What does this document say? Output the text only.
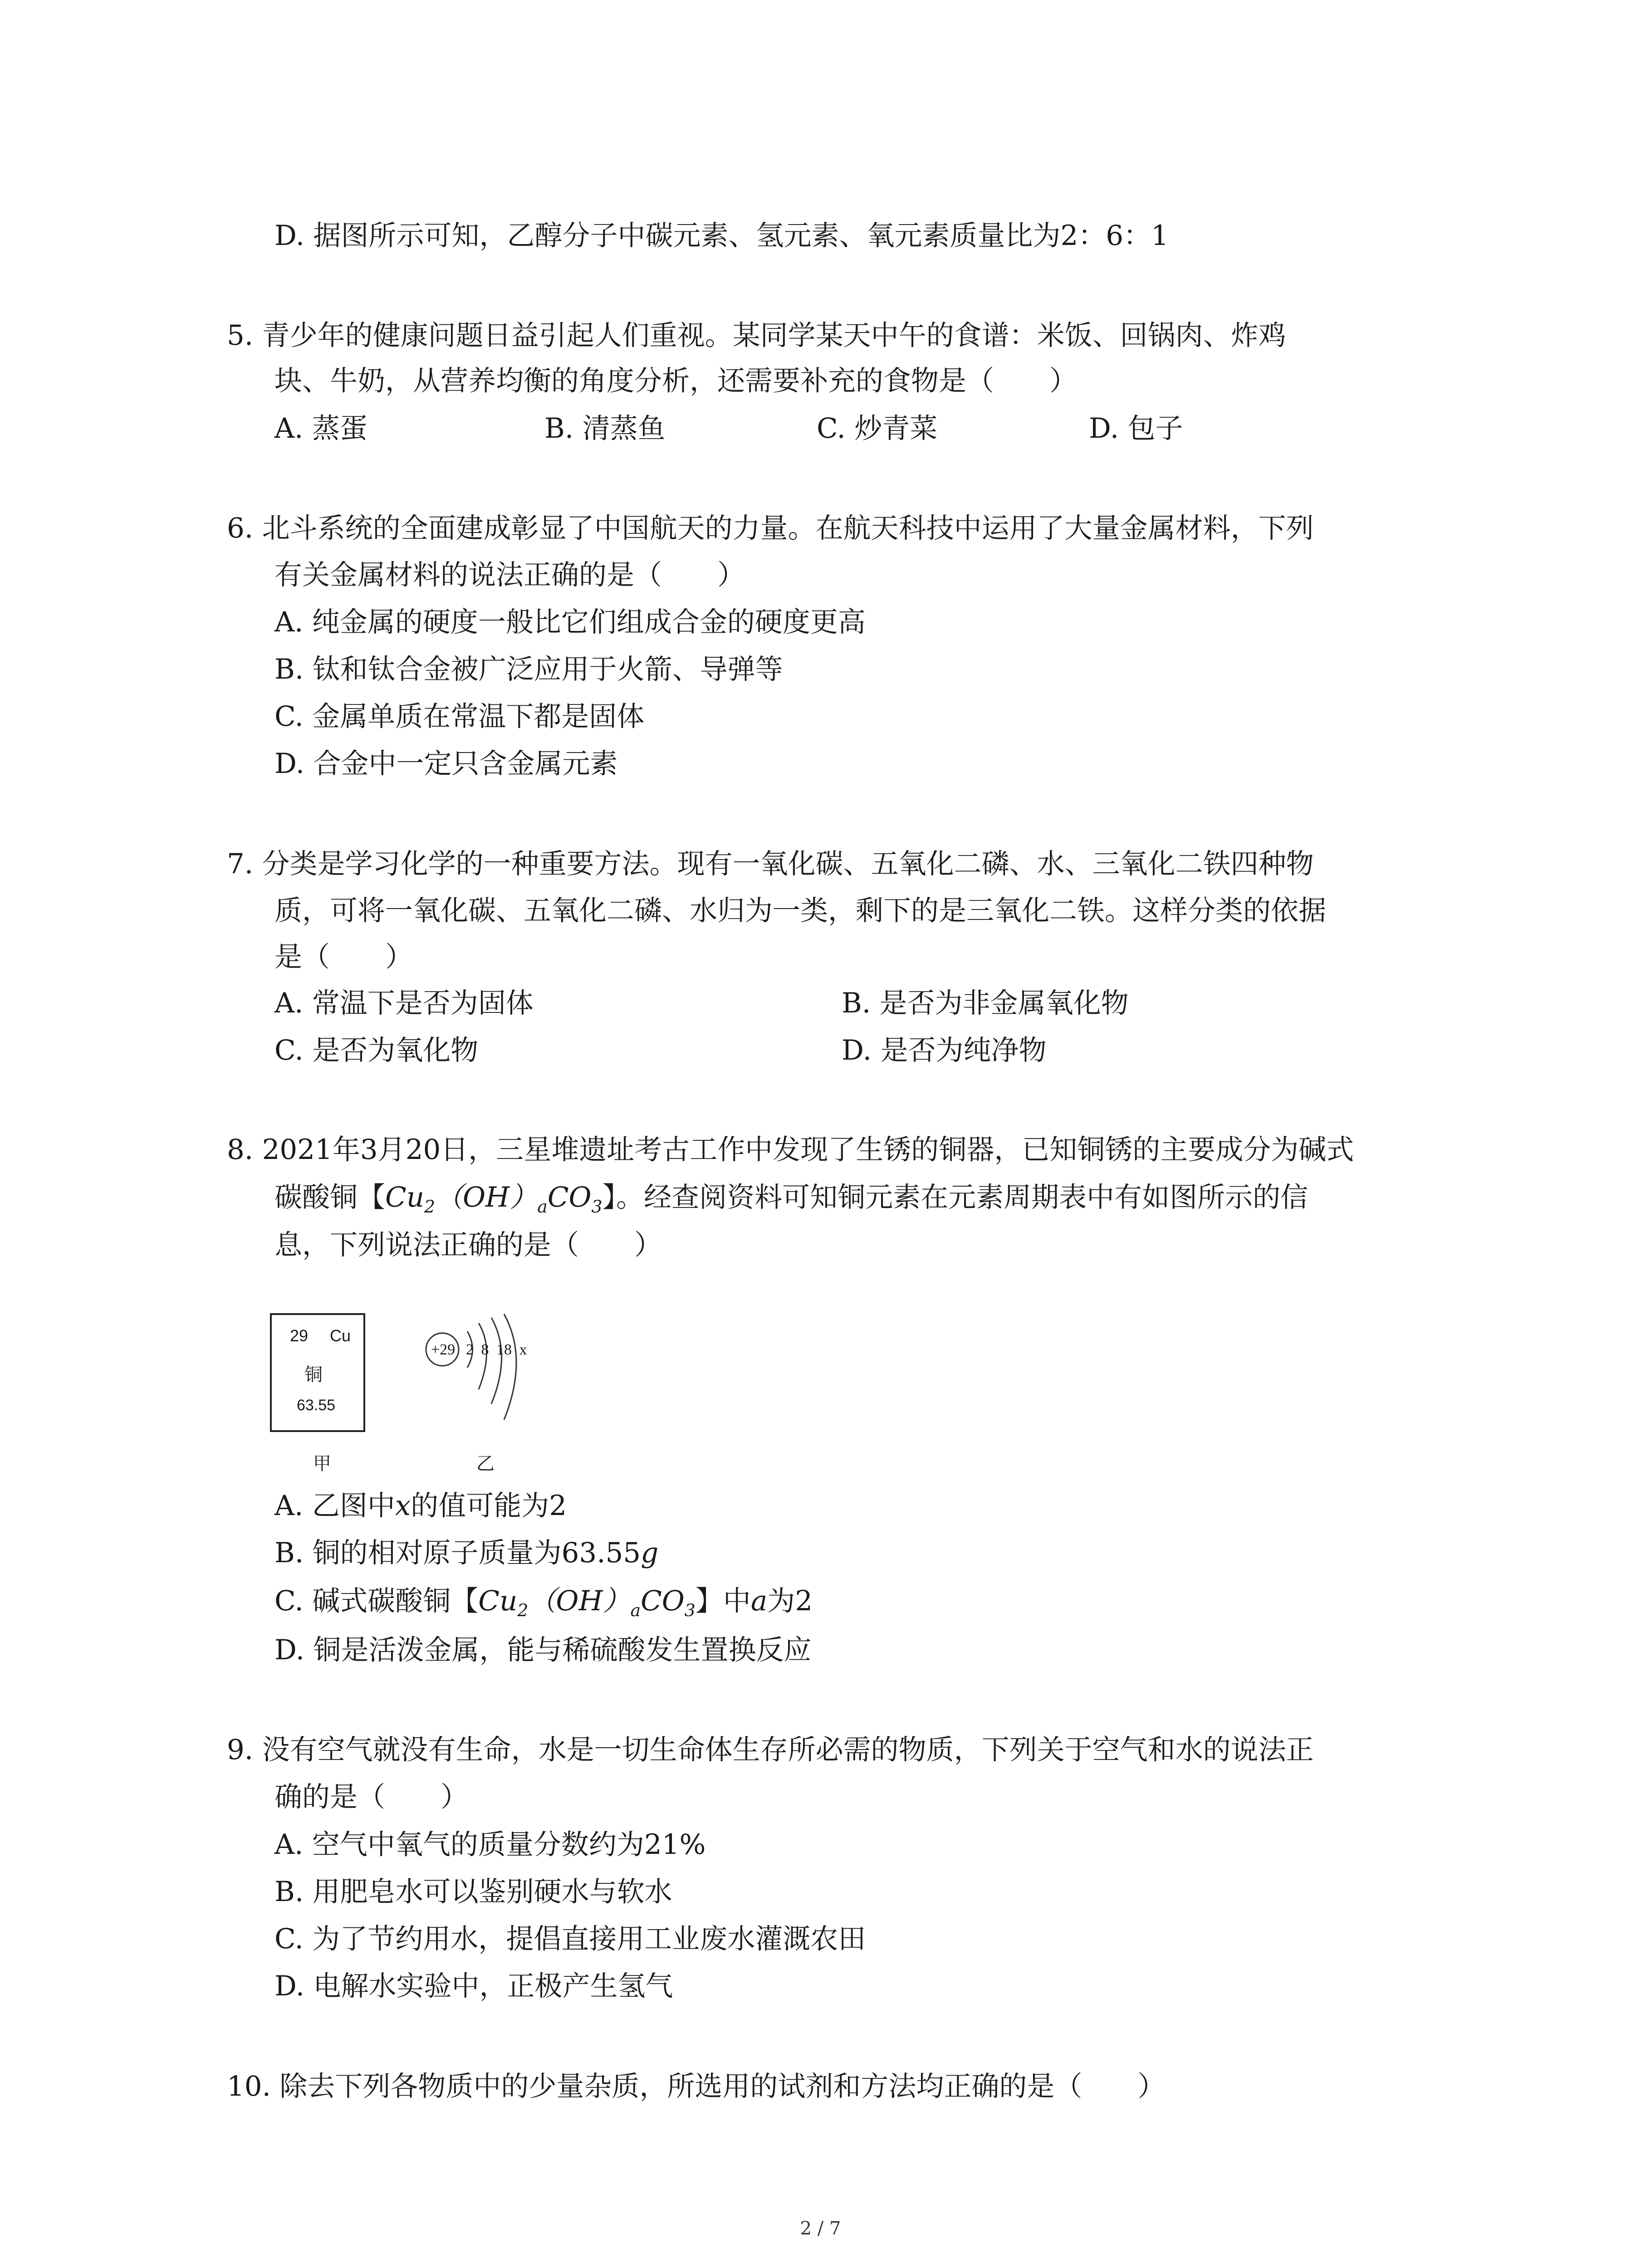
D. 据图所示可知，乙醇分子中碳元素、氢元素、氧元素质量比为2：6：1
5. 青少年的健康问题日益引起人们重视。某同学某天中午的食谱：米饭、回锅肉、炸鸡
块、牛奶，从营养均衡的角度分析，还需要补充的食物是（　　）
A. 蒸蛋	B. 清蒸鱼	C. 炒青菜	D. 包子
6. 北斗系统的全面建成彰显了中国航天的力量。在航天科技中运用了大量金属材料，下列
有关金属材料的说法正确的是（　　）
A. 纯金属的硬度一般比它们组成合金的硬度更高
B. 钛和钛合金被广泛应用于火箭、导弹等
C. 金属单质在常温下都是固体
D. 合金中一定只含金属元素
7. 分类是学习化学的一种重要方法。现有一氧化碳、五氧化二磷、水、三氧化二铁四种物
质，可将一氧化碳、五氧化二磷、水归为一类，剩下的是三氧化二铁。这样分类的依据
是（　　）
A. 常温下是否为固体	B. 是否为非金属氧化物
C. 是否为氧化物	D. 是否为纯净物
8. 2021年3月20日，三星堆遗址考古工作中发现了生锈的铜器，已知铜锈的主要成分为碱式
碳酸铜【$Cu_2(OH)_aCO_3$】。经查阅资料可知铜元素在元素周期表中有如图所示的信
息，下列说法正确的是（　　）
29 Cu
铜
63.55
+29 2 8 18 x
甲	乙
A. 乙图中x的值可能为2
B. 铜的相对原子质量为63.55g
C. 碱式碳酸铜【$Cu_2(OH)_aCO_3$】中a为2
D. 铜是活泼金属，能与稀硫酸发生置换反应
9. 没有空气就没有生命，水是一切生命体生存所必需的物质，下列关于空气和水的说法正
确的是（　　）
A. 空气中氧气的质量分数约为21%
B. 用肥皂水可以鉴别硬水与软水
C. 为了节约用水，提倡直接用工业废水灌溉农田
D. 电解水实验中，正极产生氢气
10. 除去下列各物质中的少量杂质，所选用的试剂和方法均正确的是（　　）
2 / 7
